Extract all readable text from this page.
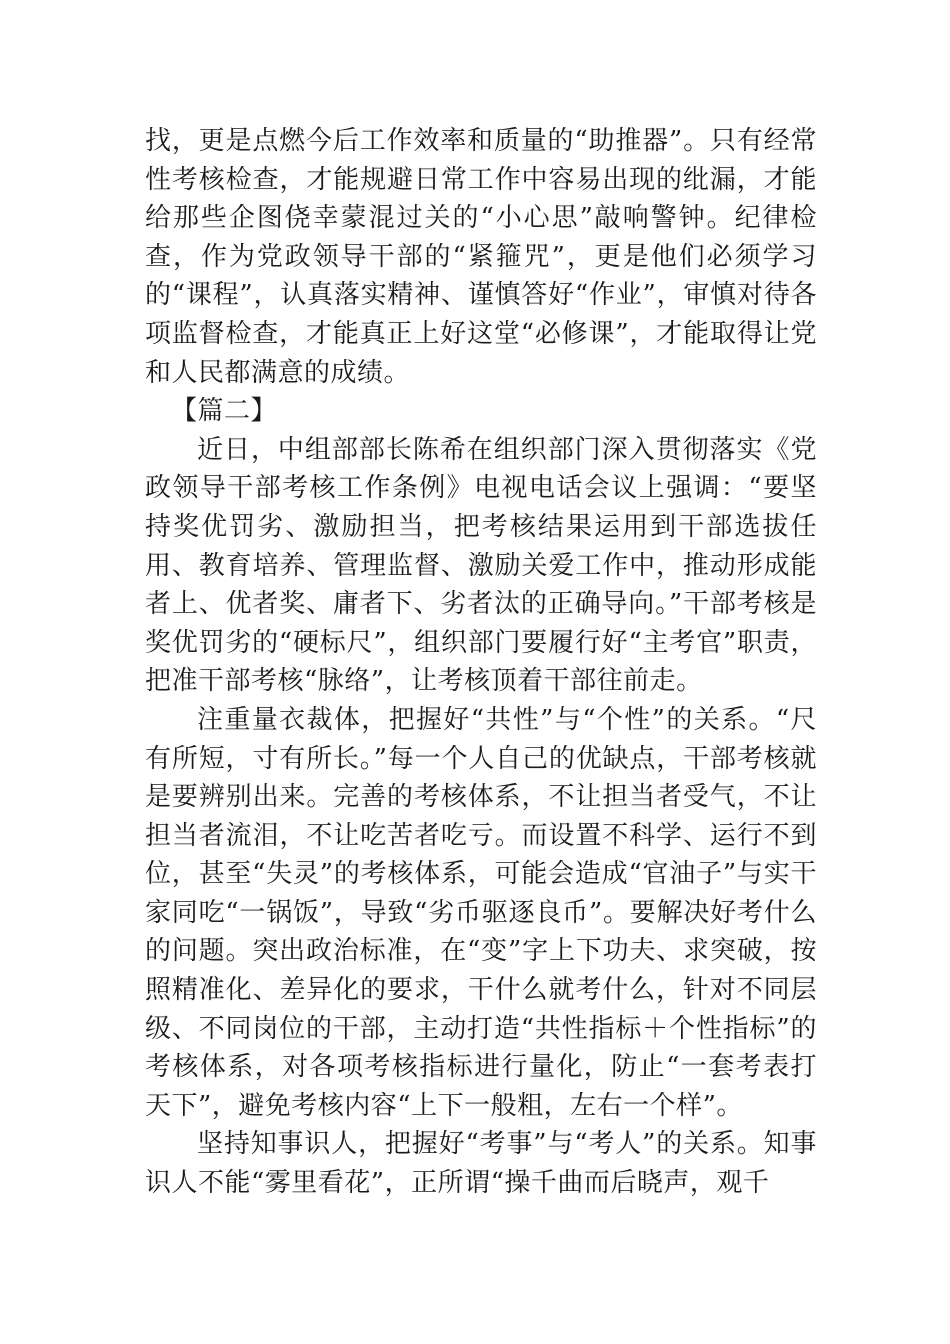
找，更是点燃今后工作效率和质量的“助推器”。只有经常性考核检查，才能规避日常工作中容易出现的纰漏，才能给那些企图侥幸蒙混过关的“小心思”敲响警钟。纪律检查，作为党政领导干部的“紧箍咒”，更是他们必须学习的“课程”，认真落实精神、谨慎答好“作业”，审慎对待各项监督检查，才能真正上好这堂“必修课”，才能取得让党和人民都满意的成绩。

【篇二】

近日，中组部部长陈希在组织部门深入贯彻落实《党政领导干部考核工作条例》电视电话会议上强调：“要坚持奖优罚劣、激励担当，把考核结果运用到干部选拔任用、教育培养、管理监督、激励关爱工作中，推动形成能者上、优者奖、庸者下、劣者汰的正确导向。”干部考核是奖优罚劣的“硬标尺”，组织部门要履行好“主考官”职责，把准干部考核“脉络”，让考核顶着干部往前走。

注重量衣裁体，把握好“共性”与“个性”的关系。“尺有所短，寸有所长。”每一个人自己的优缺点，干部考核就是要辨别出来。完善的考核体系，不让担当者受气，不让担当者流泪，不让吃苦者吃亏。而设置不科学、运行不到位，甚至“失灵”的考核体系，可能会造成“官油子”与实干家同吃“一锅饭”，导致“劣币驱逐良币”。要解决好考什么的问题。突出政治标准，在“变”字上下功夫、求突破，按照精准化、差异化的要求，干什么就考什么，针对不同层级、不同岗位的干部，主动打造“共性指标＋个性指标”的考核体系，对各项考核指标进行量化，防止“一套考表打天下”，避免考核内容“上下一般粗，左右一个样”。

坚持知事识人，把握好“考事”与“考人”的关系。知事识人不能“雾里看花”，正所谓“操千曲而后晓声，观千
